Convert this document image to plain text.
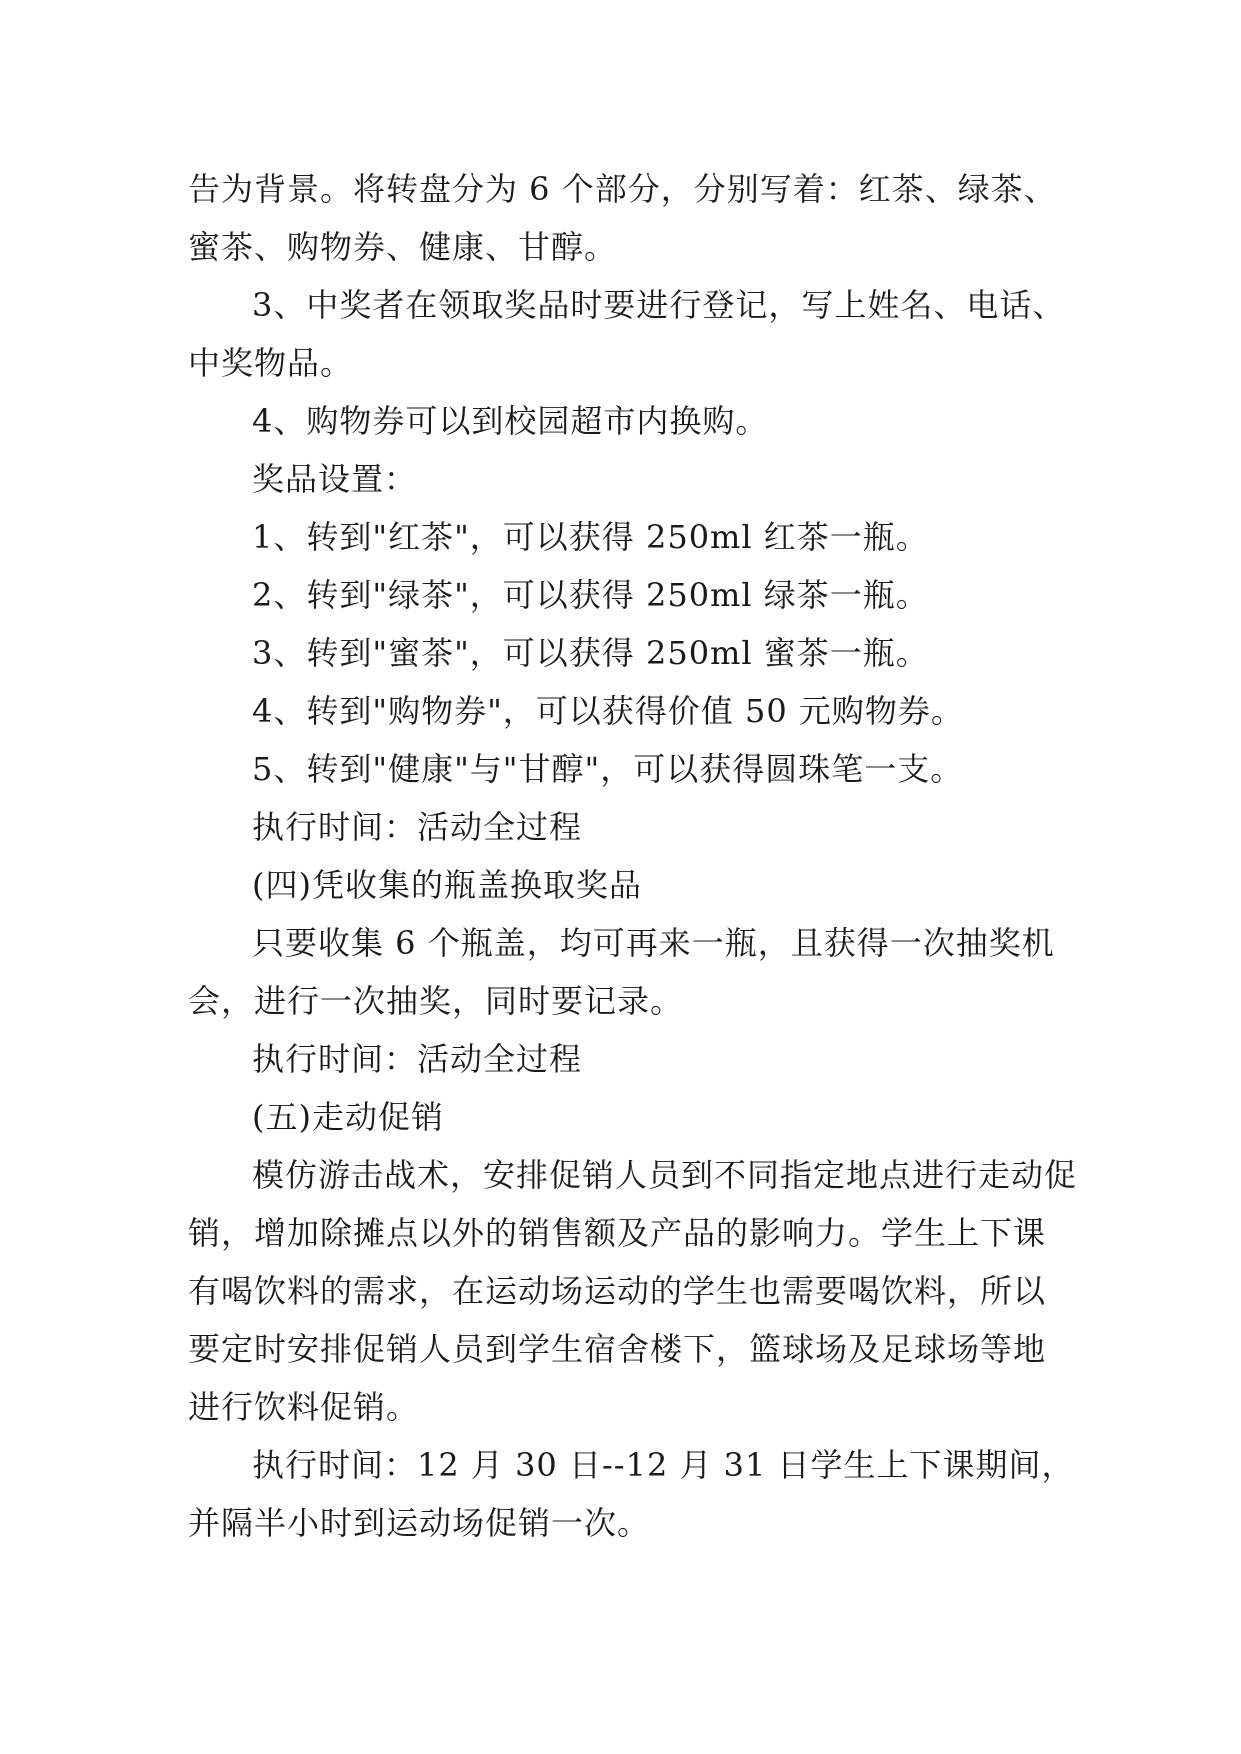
告为背景。将转盘分为 6 个部分，分别写着：红茶、绿茶、蜜茶、购物券、健康、甘醇。

3、中奖者在领取奖品时要进行登记，写上姓名、电话、中奖物品。

4、购物券可以到校园超市内换购。

奖品设置：

1、转到"红茶"，可以获得 250ml 红茶一瓶。

2、转到"绿茶"，可以获得 250ml 绿茶一瓶。

3、转到"蜜茶"，可以获得 250ml 蜜茶一瓶。

4、转到"购物券"，可以获得价值 50 元购物券。

5、转到"健康"与"甘醇"，可以获得圆珠笔一支。

执行时间：活动全过程

(四)凭收集的瓶盖换取奖品

只要收集 6 个瓶盖，均可再来一瓶，且获得一次抽奖机会，进行一次抽奖，同时要记录。

执行时间：活动全过程

(五)走动促销

模仿游击战术，安排促销人员到不同指定地点进行走动促销，增加除摊点以外的销售额及产品的影响力。学生上下课有喝饮料的需求，在运动场运动的学生也需要喝饮料，所以要定时安排促销人员到学生宿舍楼下，篮球场及足球场等地进行饮料促销。

执行时间：12 月 30 日--12 月 31 日学生上下课期间，并隔半小时到运动场促销一次。
